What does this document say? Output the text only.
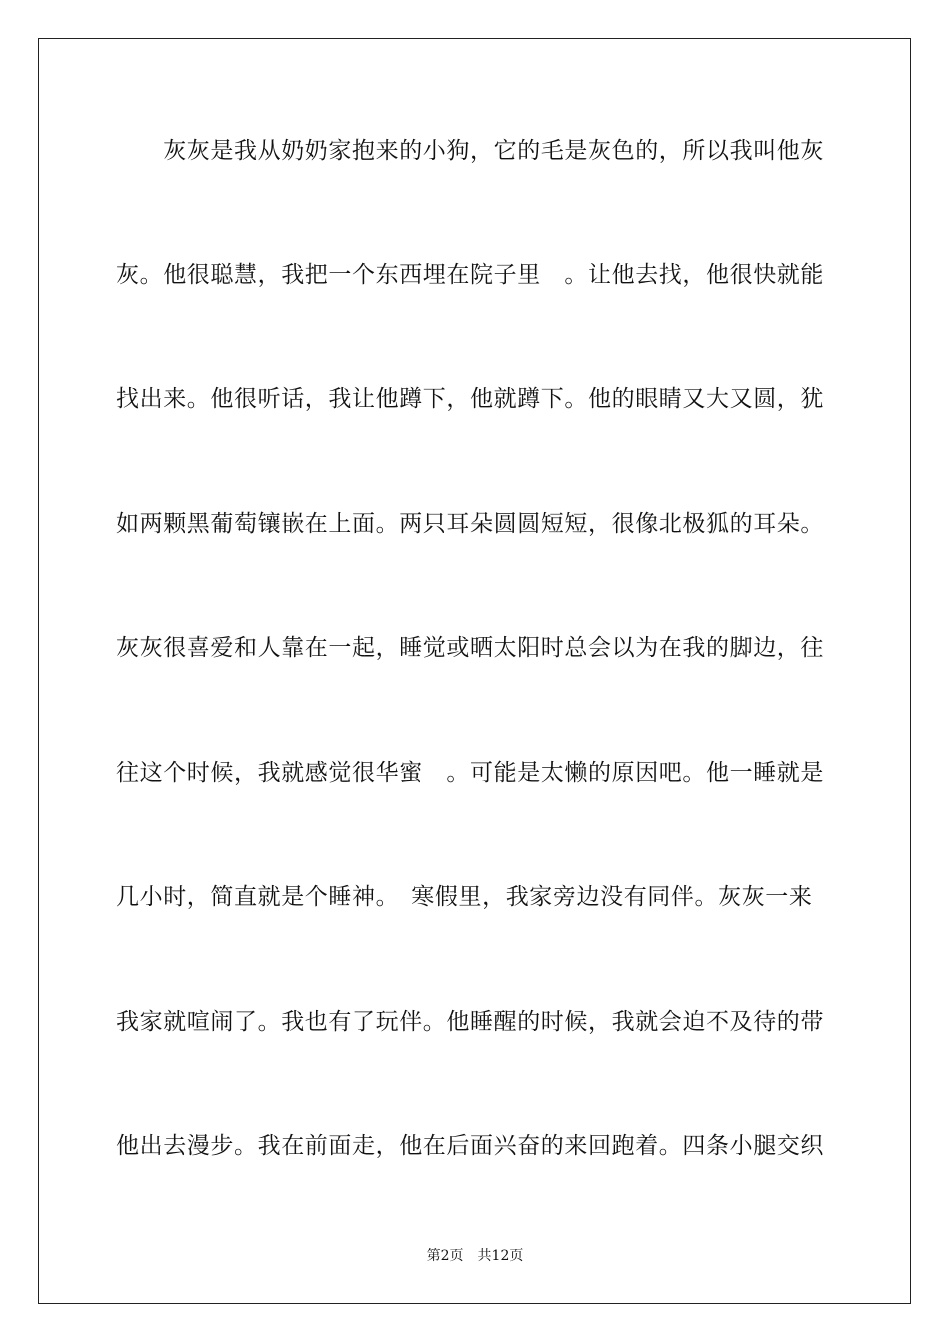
　　灰灰是我从奶奶家抱来的小狗，它的毛是灰色的，所以我叫他灰
灰。他很聪慧，我把一个东西埋在院子里　。让他去找，他很快就能
找出来。他很听话，我让他蹲下，他就蹲下。他的眼睛又大又圆，犹
如两颗黑葡萄镶嵌在上面。两只耳朵圆圆短短，很像北极狐的耳朵。
灰灰很喜爱和人靠在一起，睡觉或晒太阳时总会以为在我的脚边，往
往这个时候，我就感觉很华蜜　。可能是太懒的原因吧。他一睡就是
几小时，简直就是个睡神。　寒假里，我家旁边没有同伴。灰灰一来
我家就喧闹了。我也有了玩伴。他睡醒的时候，我就会迫不及待的带
他出去漫步。我在前面走，他在后面兴奋的来回跑着。四条小腿交织
第2页 共12页
